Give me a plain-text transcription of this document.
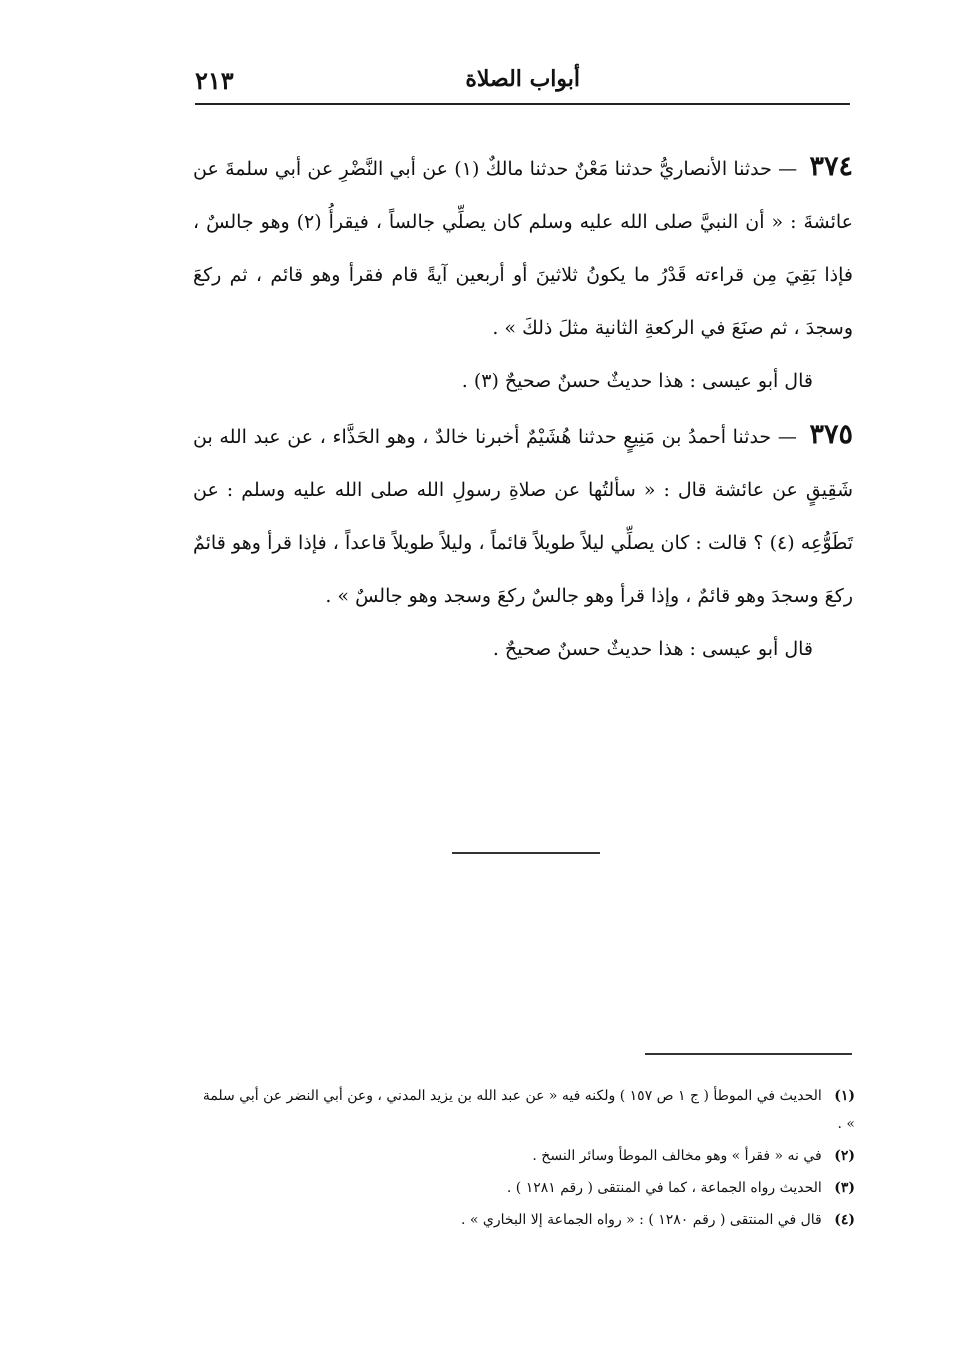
أبواب الصلاة
٢١٣

٣٧٤ — حدثنا الأنصاريُّ حدثنا مَعْنٌ حدثنا مالكٌ (١) عن أبي النَّضْرِ عن أبي سلمةَ عن عائشةَ : « أن النبيَّ صلى الله عليه وسلم كان يصلِّي جالساً ، فيقرأُ (٢) وهو جالسٌ ، فإذا بَقِيَ مِن قراءته قَدْرُ ما يكونُ ثلاثينَ أو أربعين آيةً قام فقرأ وهو قائم ، ثم ركعَ وسجدَ ، ثم صنَعَ في الركعةِ الثانية مثلَ ذلكَ » .

قال أبو عيسى : هذا حديثٌ حسنٌ صحيحٌ (٣) .

٣٧٥ — حدثنا أحمدُ بن مَنِيعٍ حدثنا هُشَيْمٌ أخبرنا خالدٌ ، وهو الحَذَّاء ، عن عبد الله بن شَقِيقٍ عن عائشة قال : « سألتُها عن صلاةِ رسولِ الله صلى الله عليه وسلم : عن تَطَوُّعِه (٤) ؟ قالت : كان يصلِّي ليلاً طويلاً قائماً ، وليلاً طويلاً قاعداً ، فإذا قرأ وهو قائمٌ ركعَ وسجدَ وهو قائمٌ ، وإذا قرأ وهو جالسٌ ركعَ وسجد وهو جالسٌ » .

قال أبو عيسى : هذا حديثٌ حسنٌ صحيحٌ .

(١) الحديث في الموطأ ( ج ١ ص ١٥٧ ) ولكنه فيه « عن عبد الله بن يزيد المدني ، وعن أبي النضر عن أبي سلمة » .

(٢) في نه « فقرأ » وهو مخالف الموطأ وسائر النسخ .

(٣) الحديث رواه الجماعة ، كما في المنتقى ( رقم ١٢٨١ ) .

(٤) قال في المنتقى ( رقم ١٢٨٠ ) : « رواه الجماعة إلا البخاري » .
